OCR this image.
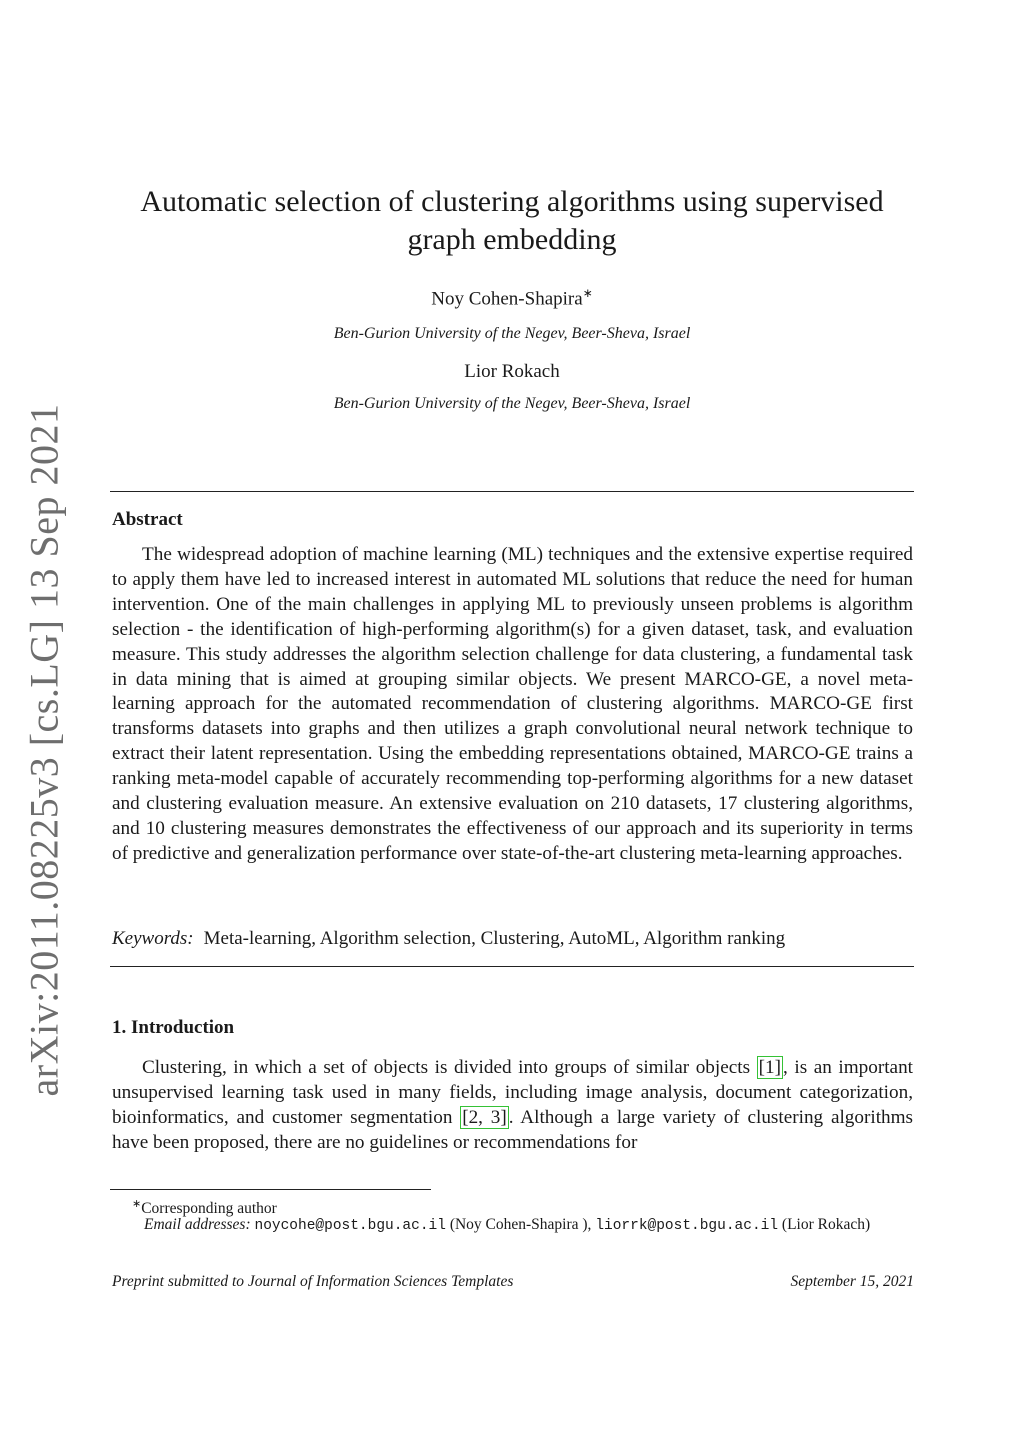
arXiv:2011.08225v3 [cs.LG] 13 Sep 2021
Automatic selection of clustering algorithms using supervised graph embedding
Noy Cohen-Shapira∗
Ben-Gurion University of the Negev, Beer-Sheva, Israel
Lior Rokach
Ben-Gurion University of the Negev, Beer-Sheva, Israel
Abstract
The widespread adoption of machine learning (ML) techniques and the extensive expertise required to apply them have led to increased interest in automated ML solutions that reduce the need for human intervention. One of the main challenges in applying ML to previously unseen problems is algorithm selection - the identification of high-performing algorithm(s) for a given dataset, task, and evaluation measure. This study addresses the algorithm selection challenge for data clustering, a fundamental task in data mining that is aimed at grouping similar objects. We present MARCO-GE, a novel meta-learning approach for the automated recommendation of clustering algorithms. MARCO-GE first transforms datasets into graphs and then utilizes a graph convolutional neural network technique to extract their latent representation. Using the embedding representations obtained, MARCO-GE trains a ranking meta-model capable of accurately recommending top-performing algorithms for a new dataset and clustering evaluation measure. An extensive evaluation on 210 datasets, 17 clustering algorithms, and 10 clustering measures demonstrates the effectiveness of our approach and its superiority in terms of predictive and generalization performance over state-of-the-art clustering meta-learning approaches.
Keywords: Meta-learning, Algorithm selection, Clustering, AutoML, Algorithm ranking
1. Introduction
Clustering, in which a set of objects is divided into groups of similar objects [1] , is an important unsupervised learning task used in many fields, including image analysis, document categorization, bioinformatics, and customer segmentation [2, 3] . Although a large variety of clustering algorithms have been proposed, there are no guidelines or recommendations for
∗Corresponding author
Email addresses: noycohe@post.bgu.ac.il (Noy Cohen-Shapira ), liorrk@post.bgu.ac.il (Lior Rokach)
Preprint submitted to Journal of Information Sciences Templates	September 15, 2021
